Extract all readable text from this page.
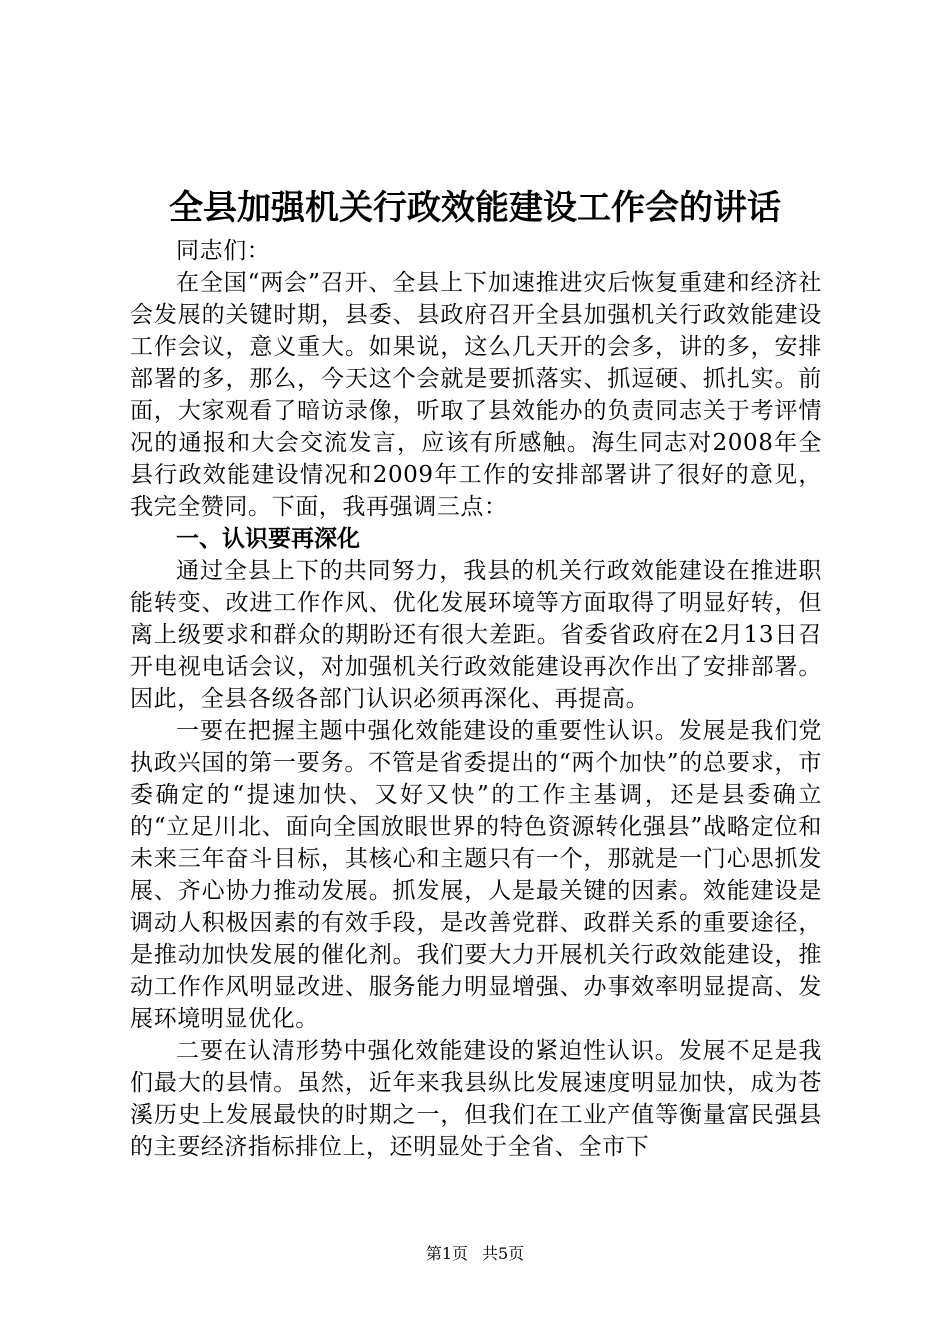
全县加强机关行政效能建设工作会的讲话

同志们：

在全国“两会”召开、全县上下加速推进灾后恢复重建和经济社会发展的关键时期，县委、县政府召开全县加强机关行政效能建设工作会议，意义重大。如果说，这么几天开的会多，讲的多，安排部署的多，那么，今天这个会就是要抓落实、抓逗硬、抓扎实。前面，大家观看了暗访录像，听取了县效能办的负责同志关于考评情况的通报和大会交流发言，应该有所感触。海生同志对2008年全县行政效能建设情况和2009年工作的安排部署讲了很好的意见，我完全赞同。下面，我再强调三点：

一、认识要再深化

通过全县上下的共同努力，我县的机关行政效能建设在推进职能转变、改进工作作风、优化发展环境等方面取得了明显好转，但离上级要求和群众的期盼还有很大差距。省委省政府在2月13日召开电视电话会议，对加强机关行政效能建设再次作出了安排部署。因此，全县各级各部门认识必须再深化、再提高。

一要在把握主题中强化效能建设的重要性认识。发展是我们党执政兴国的第一要务。不管是省委提出的“两个加快”的总要求，市委确定的“提速加快、又好又快”的工作主基调，还是县委确立的“立足川北、面向全国放眼世界的特色资源转化强县”战略定位和未来三年奋斗目标，其核心和主题只有一个，那就是一门心思抓发展、齐心协力推动发展。抓发展，人是最关键的因素。效能建设是调动人积极因素的有效手段，是改善党群、政群关系的重要途径，是推动加快发展的催化剂。我们要大力开展机关行政效能建设，推动工作作风明显改进、服务能力明显增强、办事效率明显提高、发展环境明显优化。

二要在认清形势中强化效能建设的紧迫性认识。发展不足是我们最大的县情。虽然，近年来我县纵比发展速度明显加快，成为苍溪历史上发展最快的时期之一，但我们在工业产值等衡量富民强县的主要经济指标排位上，还明显处于全省、全市下

第1页 共5页
